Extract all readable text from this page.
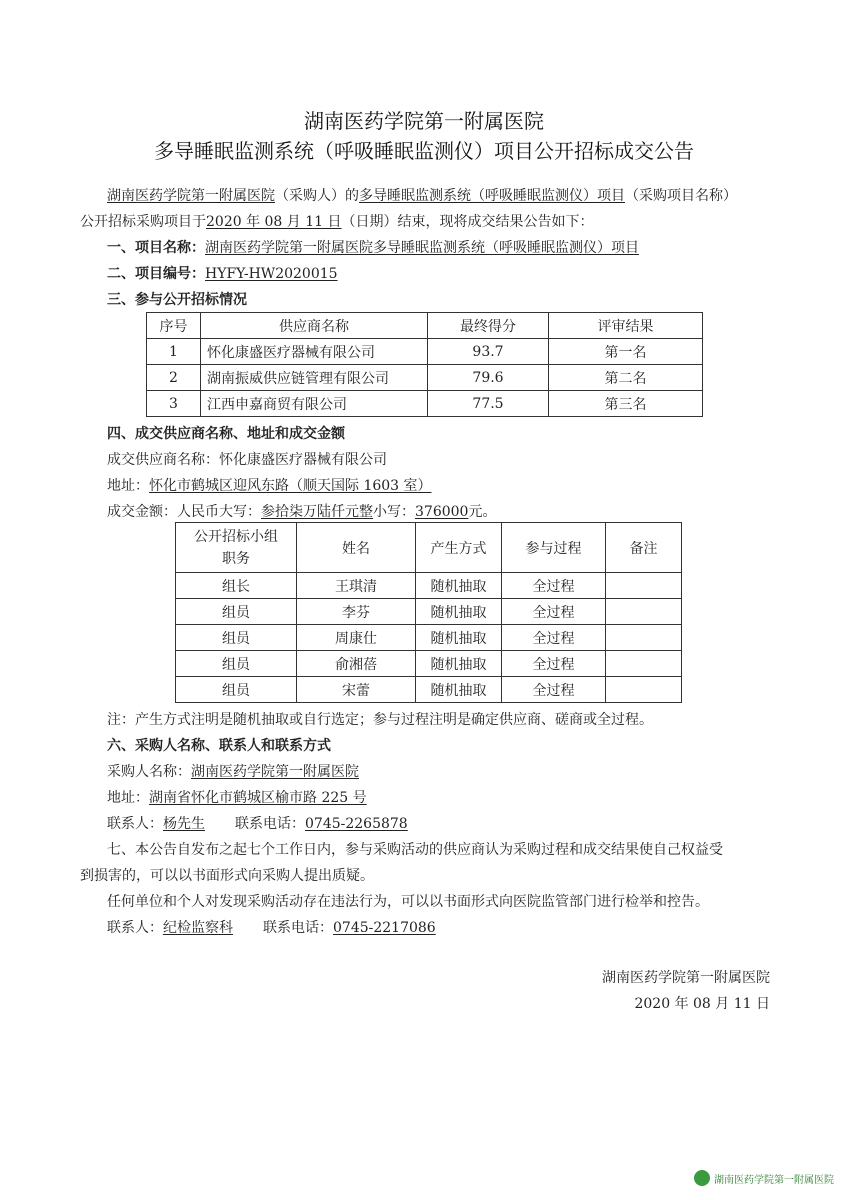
湖南医药学院第一附属医院
多导睡眠监测系统（呼吸睡眠监测仪）项目公开招标成交公告
湖南医药学院第一附属医院（采购人）的多导睡眠监测系统（呼吸睡眠监测仪）项目（采购项目名称）
公开招标采购项目于2020 年 08 月 11 日（日期）结束，现将成交结果公告如下：
一、项目名称：湖南医药学院第一附属医院多导睡眠监测系统（呼吸睡眠监测仪）项目
二、项目编号：HYFY-HW2020015
三、参与公开招标情况
序号	供应商名称	最终得分	评审结果
1	怀化康盛医疗器械有限公司	93.7	第一名
2	湖南振威供应链管理有限公司	79.6	第二名
3	江西申嘉商贸有限公司	77.5	第三名
四、成交供应商名称、地址和成交金额
成交供应商名称：怀化康盛医疗器械有限公司
地址：怀化市鹤城区迎风东路（顺天国际 1603 室）
成交金额：人民币大写：参拾柒万陆仟元整小写：376000元。
公开招标小组
职务	姓名	产生方式	参与过程	备注
组长	王琪清	随机抽取	全过程	
组员	李芬	随机抽取	全过程	
组员	周康仕	随机抽取	全过程	
组员	俞湘蓓	随机抽取	全过程	
组员	宋蕾	随机抽取	全过程	
注：产生方式注明是随机抽取或自行选定；参与过程注明是确定供应商、磋商或全过程。
六、采购人名称、联系人和联系方式
采购人名称：湖南医药学院第一附属医院
地址：湖南省怀化市鹤城区榆市路 225 号
联系人：杨先生 联系电话：0745-2265878
七、本公告自发布之起七个工作日内，参与采购活动的供应商认为采购过程和成交结果使自己权益受
到损害的，可以以书面形式向采购人提出质疑。
任何单位和个人对发现采购活动存在违法行为，可以以书面形式向医院监管部门进行检举和控告。
联系人：纪检监察科 联系电话：0745-2217086
湖南医药学院第一附属医院
2020 年 08 月 11 日
湖南医药学院第一附属医院
